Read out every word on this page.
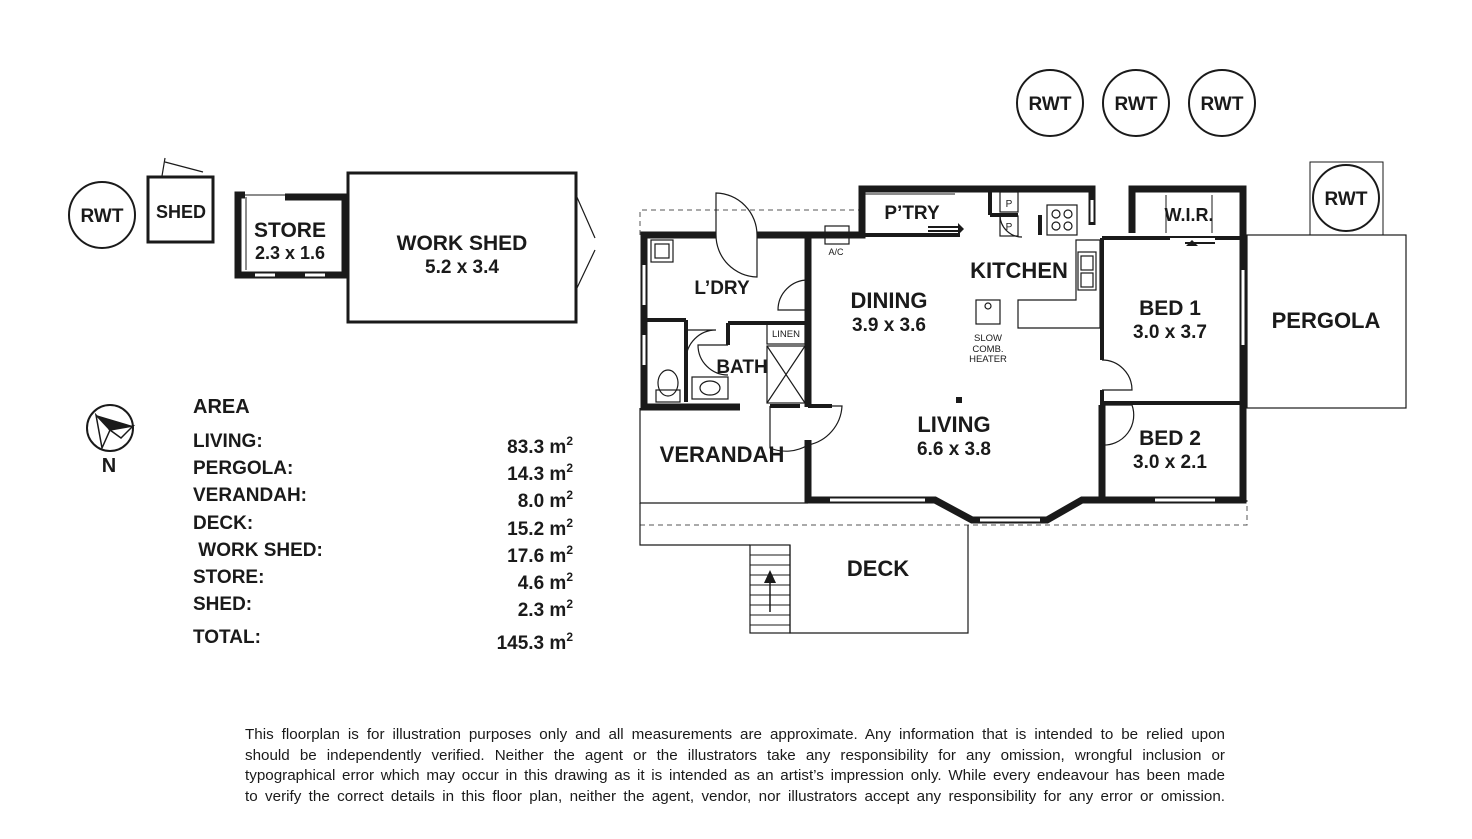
RWT SHED
STORE
2.3 x 1.6	WORK SHED
5.2 x 3.4
RWT RWT RWT
RWT
DECK
VERANDAH
PERGOLA
P’TRY	P
P
KITCHEN
W.I.R.
L’DRY	DINING
3.9 x 3.6
A/C
SLOW
COMB.
HEATER
BED 1
3.0 x 3.7
BATH
LINEN
LIVING
6.6 x 3.8	BED 2
3.0 x 2.1
N
AREA
LIVING:	83.3 $m^2$
PERGOLA:	14.3 $m^2$
VERANDAH:	8.0 $m^2$
DECK:	15.2 $m^2$
WORK SHED:	17.6 $m^2$
STORE:	4.6 $m^2$
SHED:	2.3 $m^2$
TOTAL:	145.3 $m^2$
This floorplan is for illustration purposes only and all measurements are approximate. Any information that is intended to be relied upon
should be independently verified. Neither the agent or the illustrators take any responsibility for any omission, wrongful inclusion or
typographical error which may occur in this drawing as it is intended as an artist’s impression only. While every endeavour has been made
to verify the correct details in this floor plan, neither the agent, vendor, nor illustrators accept any responsibility for any error or omission.
